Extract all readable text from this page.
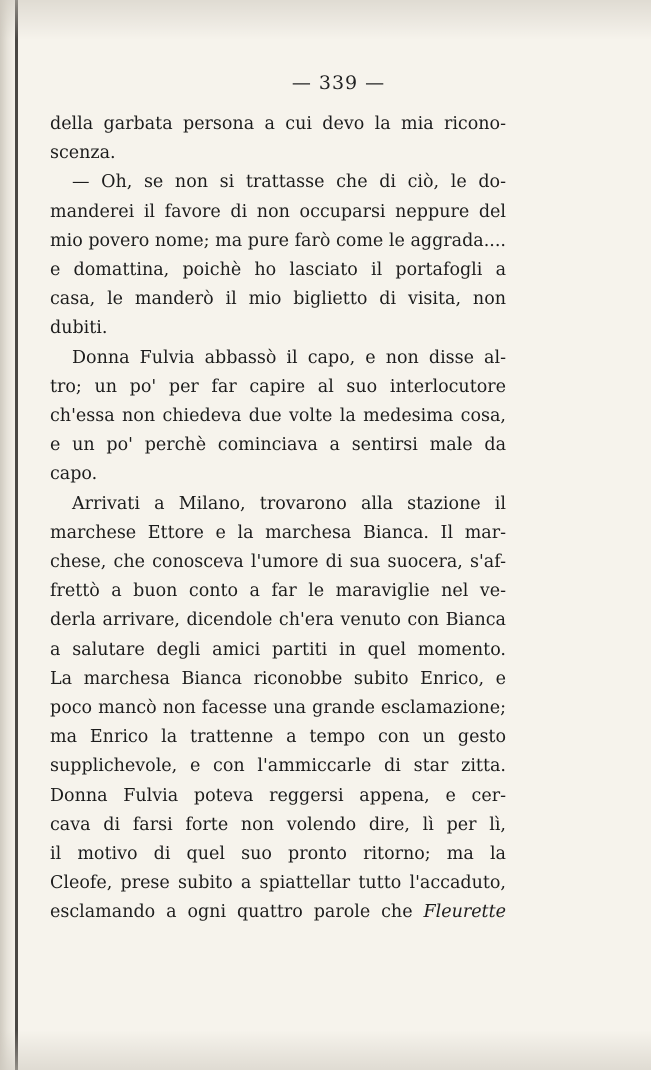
— 339 —

della garbata persona a cui devo la mia ricono-
scenza.

— Oh, se non si trattasse che di ciò, le do-
manderei il favore di non occuparsi neppure del
mio povero nome; ma pure farò come le aggrada....
e domattina, poichè ho lasciato il portafogli a
casa, le manderò il mio biglietto di visita, non
dubiti.

Donna Fulvia abbassò il capo, e non disse al-
tro; un po' per far capire al suo interlocutore
ch'essa non chiedeva due volte la medesima cosa,
e un po' perchè cominciava a sentirsi male da
capo.

Arrivati a Milano, trovarono alla stazione il
marchese Ettore e la marchesa Bianca. Il mar-
chese, che conosceva l'umore di sua suocera, s'af-
frettò a buon conto a far le maraviglie nel ve-
derla arrivare, dicendole ch'era venuto con Bianca
a salutare degli amici partiti in quel momento.
La marchesa Bianca riconobbe subito Enrico, e
poco mancò non facesse una grande esclamazione;
ma Enrico la trattenne a tempo con un gesto
supplichevole, e con l'ammiccarle di star zitta.
Donna Fulvia poteva reggersi appena, e cer-
cava di farsi forte non volendo dire, lì per lì,
il motivo di quel suo pronto ritorno; ma la
Cleofe, prese subito a spiattellar tutto l'accaduto,
esclamando a ogni quattro parole che Fleurette
